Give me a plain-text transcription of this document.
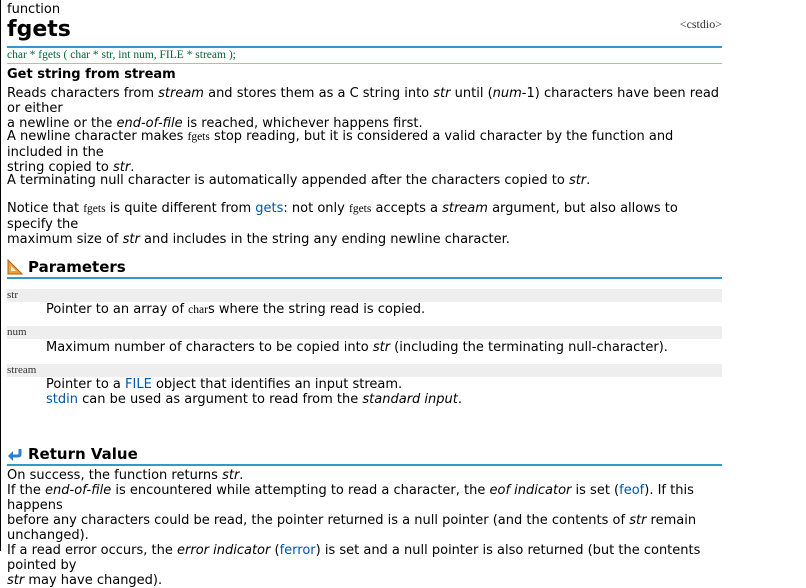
function
fgets	<cstdio>
char * fgets ( char * str, int num, FILE * stream );
Get string from stream
Reads characters from stream and stores them as a C string into str until (num-1) characters have been read or either
a newline or the end-of-file is reached, whichever happens first.
A newline character makes fgets stop reading, but it is considered a valid character by the function and included in the
string copied to str.
A terminating null character is automatically appended after the characters copied to str.
Notice that fgets is quite different from gets: not only fgets accepts a stream argument, but also allows to specify the
maximum size of str and includes in the string any ending newline character.
Parameters
str
Pointer to an array of chars where the string read is copied.
num
Maximum number of characters to be copied into str (including the terminating null-character).
stream
Pointer to a FILE object that identifies an input stream.
stdin can be used as argument to read from the standard input.
Return Value
On success, the function returns str.
If the end-of-file is encountered while attempting to read a character, the eof indicator is set (feof). If this happens
before any characters could be read, the pointer returned is a null pointer (and the contents of str remain unchanged).
If a read error occurs, the error indicator (ferror) is set and a null pointer is also returned (but the contents pointed by
str may have changed).
